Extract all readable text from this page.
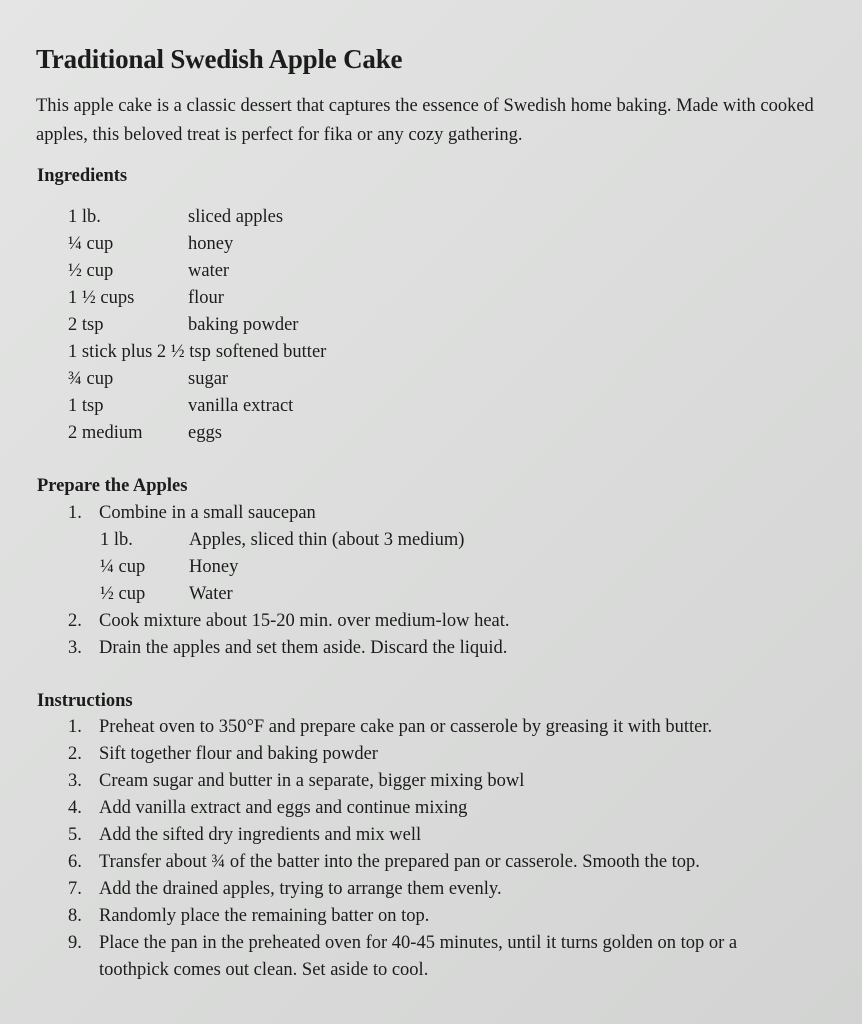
Traditional Swedish Apple Cake

This apple cake is a classic dessert that captures the essence of Swedish home baking. Made with cooked apples, this beloved treat is perfect for fika or any cozy gathering.

Ingredients
1 lb.	sliced apples
¼ cup	honey
½ cup	water
1 ½ cups	flour
2 tsp	baking powder
1 stick plus 2 ½ tsp softened butter
¾ cup	sugar
1 tsp	vanilla extract
2 medium	eggs
Prepare the Apples
1. Combine in a small saucepan
1 lb.	Apples, sliced thin (about 3 medium)
¼ cup	Honey
½ cup	Water
2. Cook mixture about 15-20 min. over medium-low heat.
3. Drain the apples and set them aside. Discard the liquid.
Instructions
1. Preheat oven to 350°F and prepare cake pan or casserole by greasing it with butter.
2. Sift together flour and baking powder
3. Cream sugar and butter in a separate, bigger mixing bowl
4. Add vanilla extract and eggs and continue mixing
5. Add the sifted dry ingredients and mix well
6. Transfer about ¾ of the batter into the prepared pan or casserole. Smooth the top.
7. Add the drained apples, trying to arrange them evenly.
8. Randomly place the remaining batter on top.
9. Place the pan in the preheated oven for 40-45 minutes, until it turns golden on top or a toothpick comes out clean. Set aside to cool.
